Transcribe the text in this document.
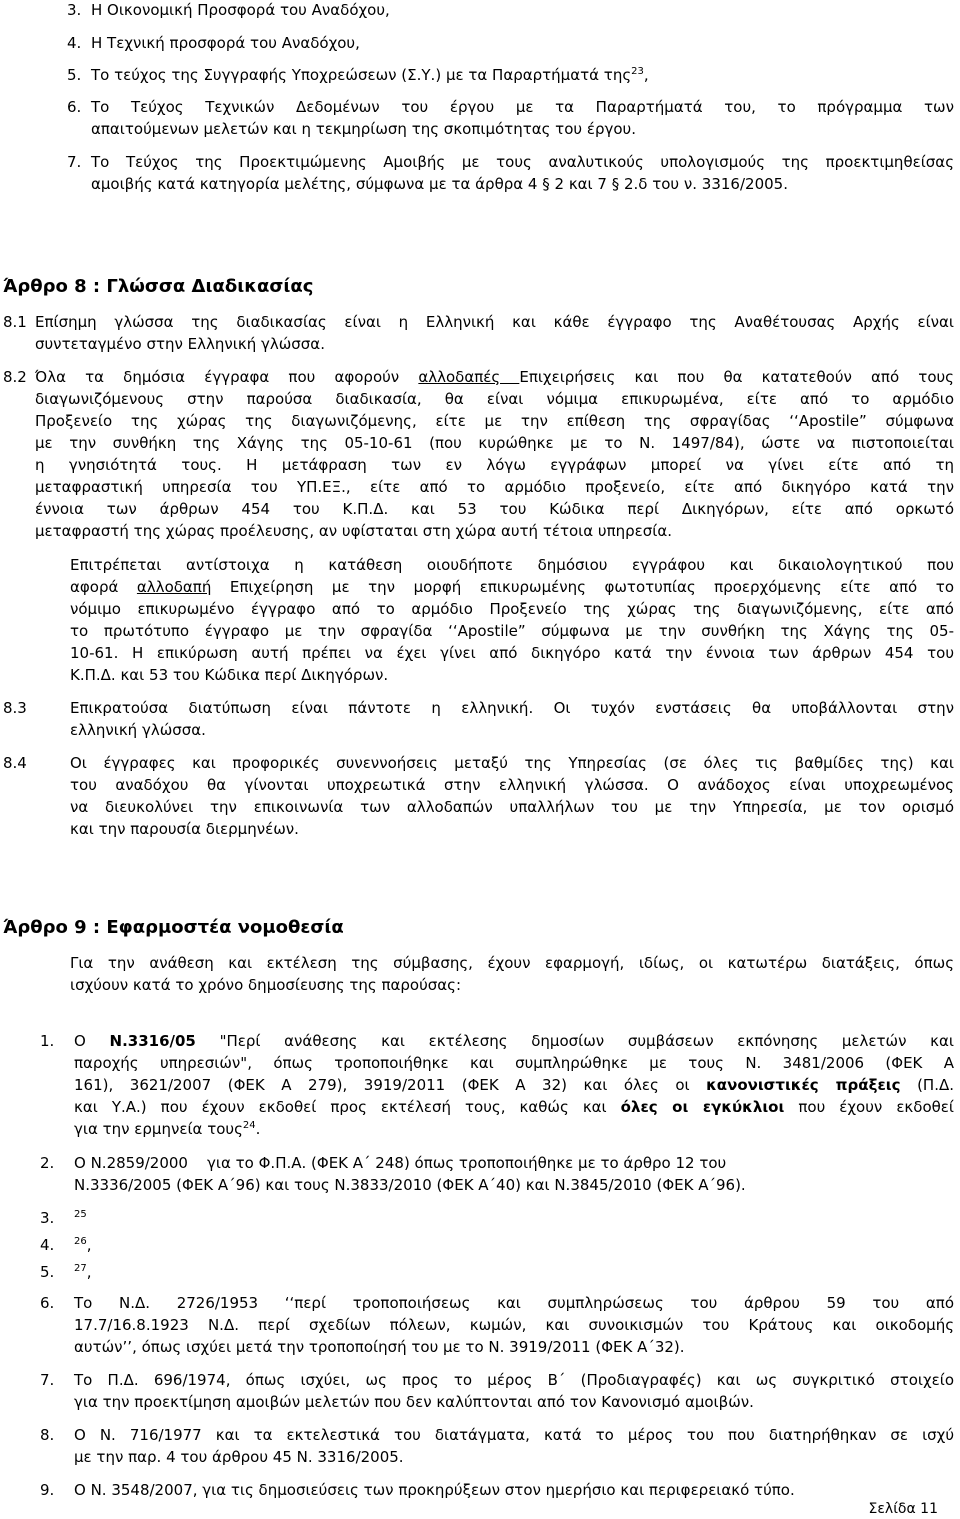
3. Η Οικονομική Προσφορά του Αναδόχου,
4. Η Τεχνική προσφορά του Αναδόχου,
5. Το τεύχος της Συγγραφής Υποχρεώσεων (Σ.Υ.) με τα Παραρτήματά της$^{23}$,
6. Το Τεύχος Τεχνικών Δεδομένων του έργου με τα Παραρτήματά του, το πρόγραμμα των
απαιτούμενων μελετών και η τεκμηρίωση της σκοπιμότητας του έργου.
7. Το Τεύχος της Προεκτιμώμενης Αμοιβής με τους αναλυτικούς υπολογισμούς της προεκτιμηθείσας
αμοιβής κατά κατηγορία μελέτης, σύμφωνα με τα άρθρα 4 § 2 και 7 § 2.δ του ν. 3316/2005.
Άρθρο 8 : Γλώσσα Διαδικασίας
8.1 Επίσημη γλώσσα της διαδικασίας είναι η Ελληνική και κάθε έγγραφο της Αναθέτουσας Αρχής είναι
συντεταγμένο στην Ελληνική γλώσσα.
8.2 Όλα τα δημόσια έγγραφα που αφορούν αλλοδαπές Επιχειρήσεις και που θα κατατεθούν από τους
διαγωνιζόμενους στην παρούσα διαδικασία, θα είναι νόμιμα επικυρωμένα, είτε από το αρμόδιο
Προξενείο της χώρας της διαγωνιζόμενης, είτε με την επίθεση της σφραγίδας ‘‘Apostile” σύμφωνα
με την συνθήκη της Χάγης της 05-10-61 (που κυρώθηκε με το Ν. 1497/84), ώστε να πιστοποιείται
η γνησιότητά τους. Η μετάφραση των εν λόγω εγγράφων μπορεί να γίνει είτε από τη
μεταφραστική υπηρεσία του ΥΠ.ΕΞ., είτε από το αρμόδιο προξενείο, είτε από δικηγόρο κατά την
έννοια των άρθρων 454 του Κ.Π.Δ. και 53 του Κώδικα περί Δικηγόρων, είτε από ορκωτό
μεταφραστή της χώρας προέλευσης, αν υφίσταται στη χώρα αυτή τέτοια υπηρεσία.
Επιτρέπεται αντίστοιχα η κατάθεση οιουδήποτε δημόσιου εγγράφου και δικαιολογητικού που
αφορά αλλοδαπή Επιχείρηση με την μορφή επικυρωμένης φωτοτυπίας προερχόμενης είτε από το
νόμιμο επικυρωμένο έγγραφο από το αρμόδιο Προξενείο της χώρας της διαγωνιζόμενης, είτε από
το πρωτότυπο έγγραφο με την σφραγίδα ‘‘Apostile” σύμφωνα με την συνθήκη της Χάγης της 05-
10-61. Η επικύρωση αυτή πρέπει να έχει γίνει από δικηγόρο κατά την έννοια των άρθρων 454 του
Κ.Π.Δ. και 53 του Κώδικα περί Δικηγόρων.
8.3	Επικρατούσα διατύπωση είναι πάντοτε η ελληνική. Οι τυχόν ενστάσεις θα υποβάλλονται στην
ελληνική γλώσσα.
8.4	Οι έγγραφες και προφορικές συνεννοήσεις μεταξύ της Υπηρεσίας (σε όλες τις βαθμίδες της) και
του αναδόχου θα γίνονται υποχρεωτικά στην ελληνική γλώσσα. Ο ανάδοχος είναι υποχρεωμένος
να διευκολύνει την επικοινωνία των αλλοδαπών υπαλλήλων του με την Υπηρεσία, με τον ορισμό
και την παρουσία διερμηνέων.
Άρθρο 9 : Εφαρμοστέα νομοθεσία
Για την ανάθεση και εκτέλεση της σύμβασης, έχουν εφαρμογή, ιδίως, οι κατωτέρω διατάξεις, όπως
ισχύουν κατά το χρόνο δημοσίευσης της παρούσας:
1. Ο Ν.3316/05 "Περί ανάθεσης και εκτέλεσης δημοσίων συμβάσεων εκπόνησης μελετών και
παροχής υπηρεσιών", όπως τροποποιήθηκε και συμπληρώθηκε με τους Ν. 3481/2006 (ΦΕΚ Α
161), 3621/2007 (ΦΕΚ Α 279), 3919/2011 (ΦΕΚ Α 32) και όλες οι κανονιστικές πράξεις (Π.Δ.
και Υ.Α.) που έχουν εκδοθεί προς εκτέλεσή τους, καθώς και όλες οι εγκύκλιοι που έχουν εκδοθεί
για την ερμηνεία τους$^{24}$.
2. Ο Ν.2859/2000    για το Φ.Π.Α. (ΦΕΚ Α΄ 248) όπως τροποποιήθηκε με το άρθρο 12 του
Ν.3336/2005 (ΦΕΚ Α΄96) και τους Ν.3833/2010 (ΦΕΚ Α΄40) και Ν.3845/2010 (ΦΕΚ Α΄96).
3. $^{25}$
4. $^{26}$,
5. $^{27}$,
6. Το Ν.Δ. 2726/1953 ‘‘περί τροποποιήσεως και συμπληρώσεως του άρθρου 59 του από
17.7/16.8.1923 Ν.Δ. περί σχεδίων πόλεων, κωμών, και συνοικισμών του Κράτους και οικοδομής
αυτών’’, όπως ισχύει μετά την τροποποίησή του με το Ν. 3919/2011 (ΦΕΚ Α΄32).
7. Το Π.Δ. 696/1974, όπως ισχύει, ως προς το μέρος Β΄ (Προδιαγραφές) και ως συγκριτικό στοιχείο
για την προεκτίμηση αμοιβών μελετών που δεν καλύπτονται από τον Κανονισμό αμοιβών.
8. Ο Ν. 716/1977 και τα εκτελεστικά του διατάγματα, κατά το μέρος του που διατηρήθηκαν σε ισχύ
με την παρ. 4 του άρθρου 45 Ν. 3316/2005.
9. Ο Ν. 3548/2007, για τις δημοσιεύσεις των προκηρύξεων στον ημερήσιο και περιφερειακό τύπο.
Σελίδα 11
